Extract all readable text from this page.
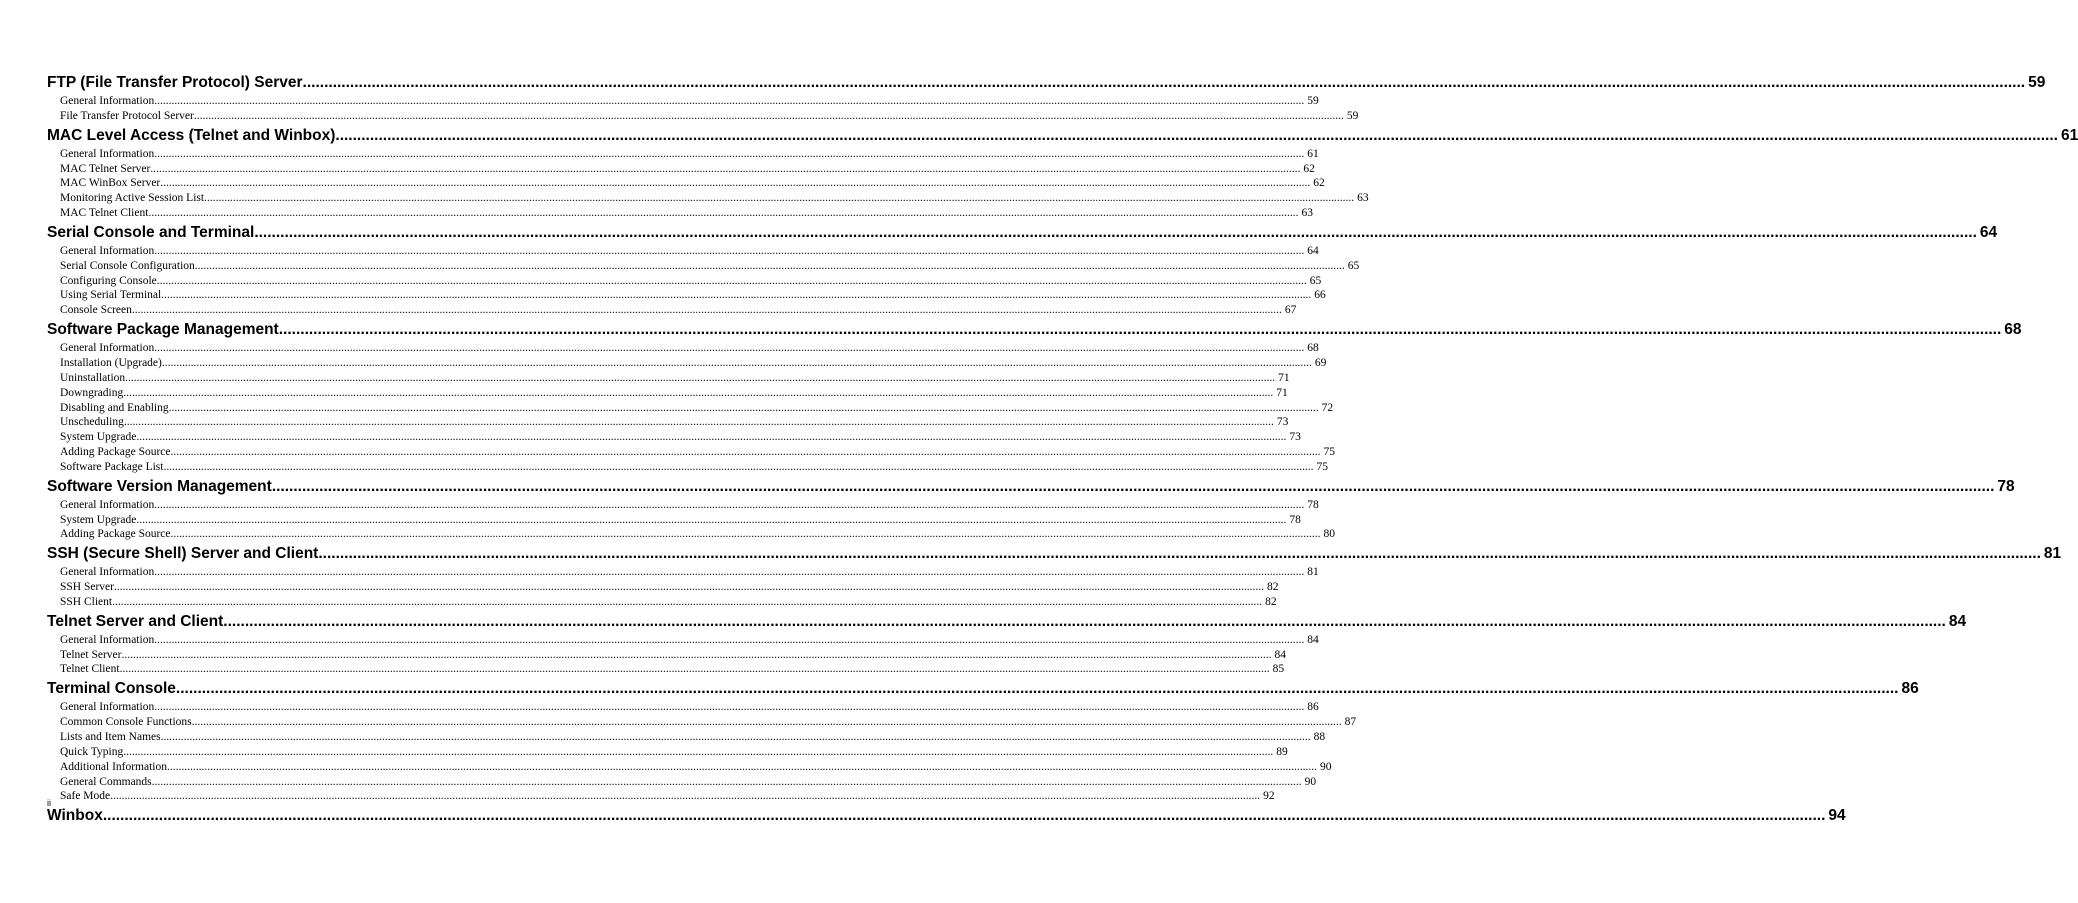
FTP (File Transfer Protocol) Server ................................................................................................................................................................................................................................................................................................................................................................................................................ 59
General Information ................................................................................................................................................................................................................................................................................................................................................................................................................ 59
File Transfer Protocol Server ................................................................................................................................................................................................................................................................................................................................................................................................................ 59
MAC Level Access (Telnet and Winbox) ................................................................................................................................................................................................................................................................................................................................................................................................................ 61
General Information ................................................................................................................................................................................................................................................................................................................................................................................................................ 61
MAC Telnet Server ................................................................................................................................................................................................................................................................................................................................................................................................................ 62
MAC WinBox Server ................................................................................................................................................................................................................................................................................................................................................................................................................ 62
Monitoring Active Session List ................................................................................................................................................................................................................................................................................................................................................................................................................ 63
MAC Telnet Client ................................................................................................................................................................................................................................................................................................................................................................................................................ 63
Serial Console and Terminal ................................................................................................................................................................................................................................................................................................................................................................................................................ 64
General Information ................................................................................................................................................................................................................................................................................................................................................................................................................ 64
Serial Console Configuration ................................................................................................................................................................................................................................................................................................................................................................................................................ 65
Configuring Console ................................................................................................................................................................................................................................................................................................................................................................................................................ 65
Using Serial Terminal ................................................................................................................................................................................................................................................................................................................................................................................................................ 66
Console Screen ................................................................................................................................................................................................................................................................................................................................................................................................................ 67
Software Package Management ................................................................................................................................................................................................................................................................................................................................................................................................................ 68
General Information ................................................................................................................................................................................................................................................................................................................................................................................................................ 68
Installation (Upgrade) ................................................................................................................................................................................................................................................................................................................................................................................................................ 69
Uninstallation ................................................................................................................................................................................................................................................................................................................................................................................................................ 71
Downgrading ................................................................................................................................................................................................................................................................................................................................................................................................................ 71
Disabling and Enabling ................................................................................................................................................................................................................................................................................................................................................................................................................ 72
Unscheduling ................................................................................................................................................................................................................................................................................................................................................................................................................ 73
System Upgrade ................................................................................................................................................................................................................................................................................................................................................................................................................ 73
Adding Package Source ................................................................................................................................................................................................................................................................................................................................................................................................................ 75
Software Package List ................................................................................................................................................................................................................................................................................................................................................................................................................ 75
Software Version Management ................................................................................................................................................................................................................................................................................................................................................................................................................ 78
General Information ................................................................................................................................................................................................................................................................................................................................................................................................................ 78
System Upgrade ................................................................................................................................................................................................................................................................................................................................................................................................................ 78
Adding Package Source ................................................................................................................................................................................................................................................................................................................................................................................................................ 80
SSH (Secure Shell) Server and Client ................................................................................................................................................................................................................................................................................................................................................................................................................ 81
General Information ................................................................................................................................................................................................................................................................................................................................................................................................................ 81
SSH Server ................................................................................................................................................................................................................................................................................................................................................................................................................ 82
SSH Client ................................................................................................................................................................................................................................................................................................................................................................................................................ 82
Telnet Server and Client ................................................................................................................................................................................................................................................................................................................................................................................................................ 84
General Information ................................................................................................................................................................................................................................................................................................................................................................................................................ 84
Telnet Server ................................................................................................................................................................................................................................................................................................................................................................................................................ 84
Telnet Client ................................................................................................................................................................................................................................................................................................................................................................................................................ 85
Terminal Console ................................................................................................................................................................................................................................................................................................................................................................................................................ 86
General Information ................................................................................................................................................................................................................................................................................................................................................................................................................ 86
Common Console Functions ................................................................................................................................................................................................................................................................................................................................................................................................................ 87
Lists and Item Names ................................................................................................................................................................................................................................................................................................................................................................................................................ 88
Quick Typing ................................................................................................................................................................................................................................................................................................................................................................................................................ 89
Additional Information ................................................................................................................................................................................................................................................................................................................................................................................................................ 90
General Commands ................................................................................................................................................................................................................................................................................................................................................................................................................ 90
Safe Mode ................................................................................................................................................................................................................................................................................................................................................................................................................ 92
Winbox ................................................................................................................................................................................................................................................................................................................................................................................................................ 94
ii
